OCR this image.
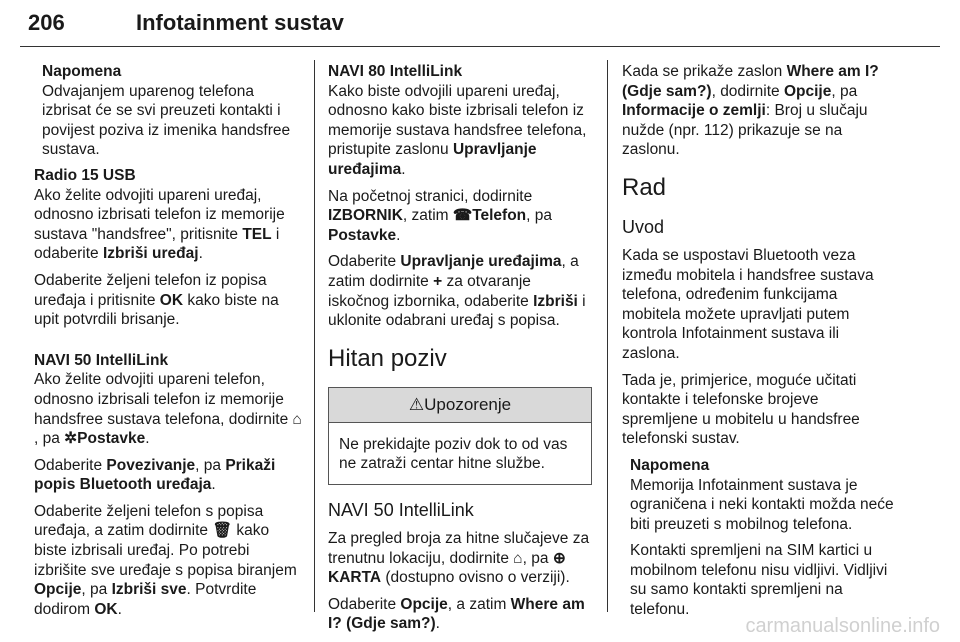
206	Infotainment sustav
Napomena
Odvajanjem uparenog telefona izbrisat će se svi preuzeti kontakti i povijest poziva iz imenika handsfree sustava.
Radio 15 USB

Ako želite odvojiti upareni uređaj, odnosno izbrisati telefon iz memorije sustava "handsfree", pritisnite TEL i odaberite Izbriši uređaj.

Odaberite željeni telefon iz popisa uređaja i pritisnite OK kako biste na upit potvrdili brisanje.

NAVI 50 IntelliLink

Ako želite odvojiti upareni telefon, odnosno izbrisali telefon iz memorije handsfree sustava telefona, dodirnite ⌂, pa ✲Postavke.

Odaberite Povezivanje, pa Prikaži popis Bluetooth uređaja.

Odaberite željeni telefon s popisa uređaja, a zatim dodirnite 🗑 kako biste izbrisali uređaj. Po potrebi izbrišite sve uređaje s popisa biranjem Opcije, pa Izbriši sve. Potvrdite dodirom OK.

NAVI 80 IntelliLink

Kako biste odvojili upareni uređaj, odnosno kako biste izbrisali telefon iz memorije sustava handsfree telefona, pristupite zaslonu Upravljanje uređajima.

Na početnoj stranici, dodirnite IZBORNIK, zatim ☎Telefon, pa Postavke.

Odaberite Upravljanje uređajima, a zatim dodirnite + za otvaranje iskočnog izbornika, odaberite Izbriši i uklonite odabrani uređaj s popisa.

Hitan poziv
⚠ Upozorenje
Ne prekidajte poziv dok to od vas ne zatraži centar hitne službe.
NAVI 50 IntelliLink

Za pregled broja za hitne slučajeve za trenutnu lokaciju, dodirnite ⌂, pa ⊕KARTA (dostupno ovisno o verziji).

Odaberite Opcije, a zatim Where am I? (Gdje sam?).

Kada se prikaže zaslon Where am I? (Gdje sam?), dodirnite Opcije, pa Informacije o zemlji: Broj u slučaju nužde (npr. 112) prikazuje se na zaslonu.

Rad
Uvod

Kada se uspostavi Bluetooth veza između mobitela i handsfree sustava telefona, određenim funkcijama mobitela možete upravljati putem kontrola Infotainment sustava ili zaslona.

Tada je, primjerice, moguće učitati kontakte i telefonske brojeve spremljene u mobitelu u handsfree telefonski sustav.

Napomena

Memorija Infotainment sustava je ograničena i neki kontakti možda neće biti preuzeti s mobilnog telefona.

Kontakti spremljeni na SIM kartici u mobilnom telefonu nisu vidljivi. Vidljivi su samo kontakti spremljeni na telefonu.

carmanualsonline.info
